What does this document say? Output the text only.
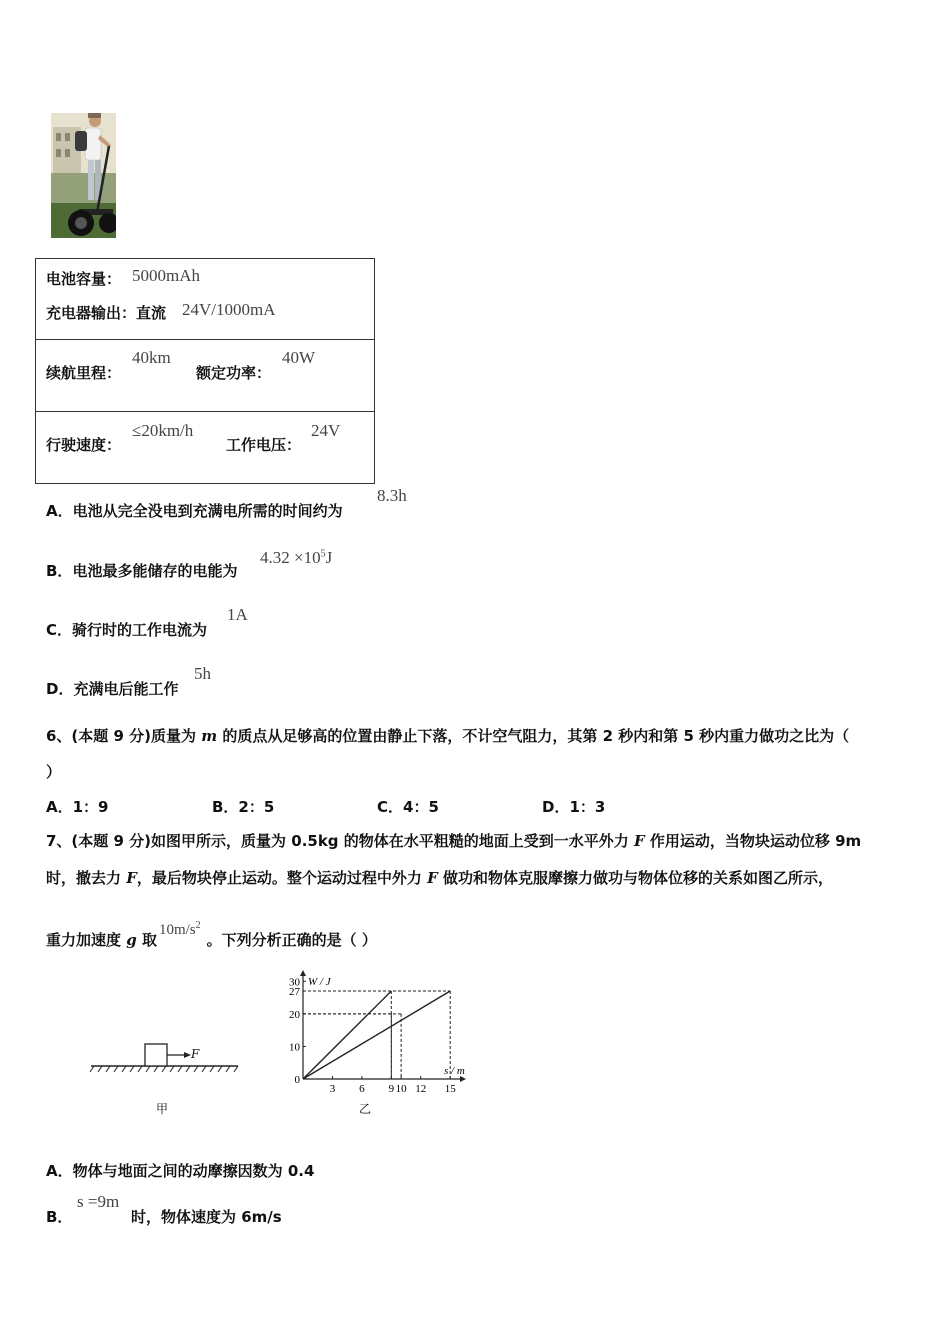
电池容量： 5000mAh
充电器输出：直流 24V/1000mA
续航里程：
40km
额定功率：
40W
行驶速度：
≤20km/h
工作电压：
24V
A．电池从完全没电到充满电所需的时间约为
8.3h
B．电池最多能储存的电能为
$4.32 \times 10^5J$
C．骑行时的工作电流为
1A
D．充满电后能工作
5h
6、(本题 9 分)质量为 m 的质点从足够高的位置由静止下落，不计空气阻力，其第 2 秒内和第 5 秒内重力做功之比为（
）
A．1：9	B．2：5	C．4：5	D．1：3
7、(本题 9 分)如图甲所示，质量为 0.5kg 的物体在水平粗糙的地面上受到一水平外力 F 作用运动，当物块运动位移 9m
时，撤去力 F，最后物块停止运动。整个运动过程中外力 F 做功和物体克服摩擦力做功与物体位移的关系如图乙所示，
重力加速度 g 取$10m/s^2$。下列分析正确的是（ ）
F
甲
W / J
s / m
3 6 9 10 12 15
0
10
20
27
30
乙
A．物体与地面之间的动摩擦因数为 0.4
B．
s =9m
时，物体速度为 6m/s
